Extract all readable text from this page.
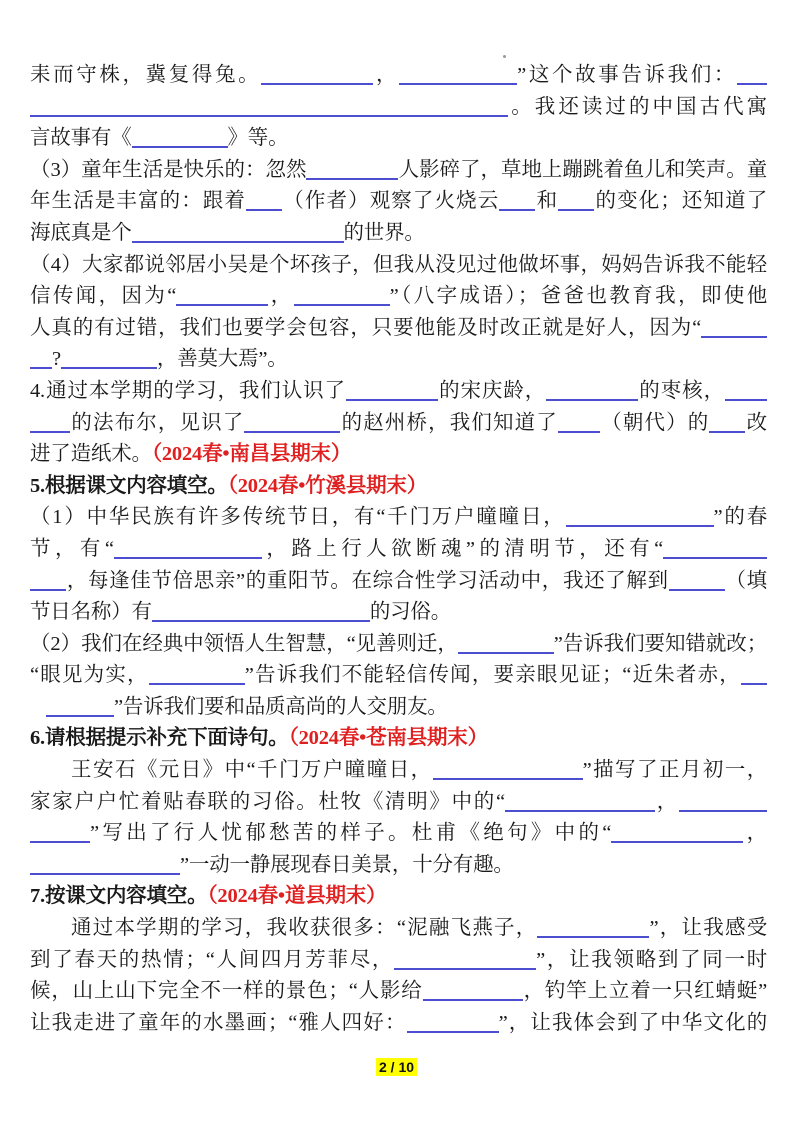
耒而守株，冀复得兔。	，	”这个故事告诉我们：
。我还读过的中国古代寓
言故事有《	》等。
（3）童年生活是快乐的：忽然	人影碎了，草地上蹦跳着鱼儿和笑声。童
年生活是丰富的：跟着 （作者）观察了火烧云 和 的变化；还知道了
海底真是个	的世界。
（4）大家都说邻居小吴是个坏孩子，但我从没见过他做坏事，妈妈告诉我不能轻
信传闻，因为“	，	”（八字成语）；爸爸也教育我，即使他
人真的有过错，我们也要学会包容，只要他能及时改正就是好人，因为“
?	，善莫大焉”。
4.通过本学期的学习，我们认识了	的宋庆龄，	的枣核，
的法布尔，见识了	的赵州桥，我们知道了 （朝代）的 改
进了造纸术。（2024春•南昌县期末）
5.根据课文内容填空。（2024春•竹溪县期末）
（1）中华民族有许多传统节日，有“千门万户曈曈日，	”的春
节，有“	，路上行人欲断魂”的清明节，还有“
，每逢佳节倍思亲”的重阳节。在综合性学习活动中，我还了解到	（填
节日名称）有	的习俗。
（2）我们在经典中领悟人生智慧，“见善则迁，	”告诉我们要知错就改；
“眼见为实，	”告诉我们不能轻信传闻，要亲眼见证；“近朱者赤，
”告诉我们要和品质高尚的人交朋友。
6.请根据提示补充下面诗句。（2024春•苍南县期末）
王安石《元日》中“千门万户曈曈日，	”描写了正月初一，
家家户户忙着贴春联的习俗。杜牧《清明》中的“	，
”写出了行人忧郁愁苦的样子。杜甫《绝句》中的“	，
”一动一静展现春日美景，十分有趣。
7.按课文内容填空。（2024春•道县期末）
通过本学期的学习，我收获很多：“泥融飞燕子，	”，让我感受
到了春天的热情；“人间四月芳菲尽，	”，让我领略到了同一时
候，山上山下完全不一样的景色；“人影给	，钓竿上立着一只红蜻蜓”
让我走进了童年的水墨画；“雅人四好：	”，让我体会到了中华文化的
2 / 10
